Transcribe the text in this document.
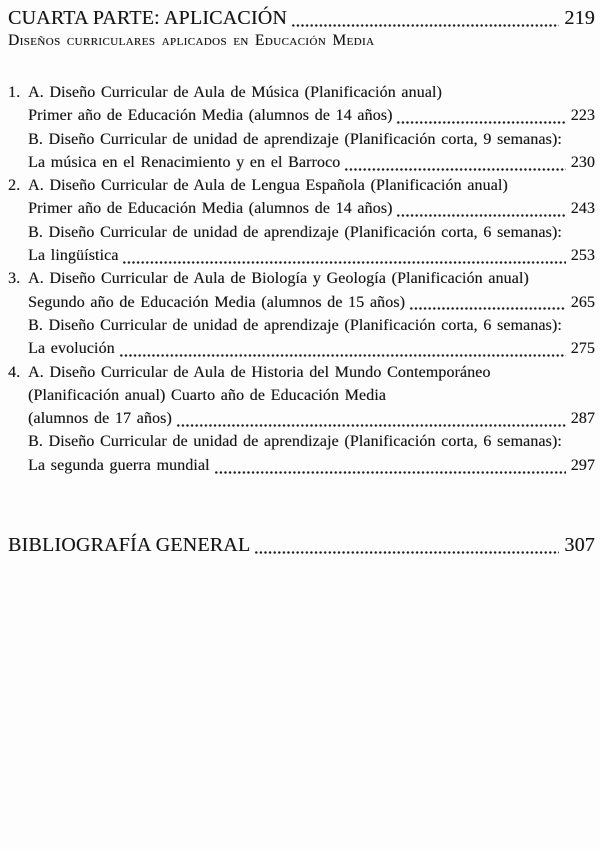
CUARTA PARTE: APLICACIÓN	219
Diseños curriculares aplicados en Educación Media
1. A. Diseño Curricular de Aula de Música (Planificación anual)
Primer año de Educación Media (alumnos de 14 años)	223
B. Diseño Curricular de unidad de aprendizaje (Planificación corta, 9 semanas):
La música en el Renacimiento y en el Barroco	230
2. A. Diseño Curricular de Aula de Lengua Española (Planificación anual)
Primer año de Educación Media (alumnos de 14 años)	243
B. Diseño Curricular de unidad de aprendizaje (Planificación corta, 6 semanas):
La lingüística	253
3. A. Diseño Curricular de Aula de Biología y Geología (Planificación anual)
Segundo año de Educación Media (alumnos de 15 años)	265
B. Diseño Curricular de unidad de aprendizaje (Planificación corta, 6 semanas):
La evolución	275
4. A. Diseño Curricular de Aula de Historia del Mundo Contemporáneo
(Planificación anual) Cuarto año de Educación Media
(alumnos de 17 años)	287
B. Diseño Curricular de unidad de aprendizaje (Planificación corta, 6 semanas):
La segunda guerra mundial	297
BIBLIOGRAFÍA GENERAL	307
